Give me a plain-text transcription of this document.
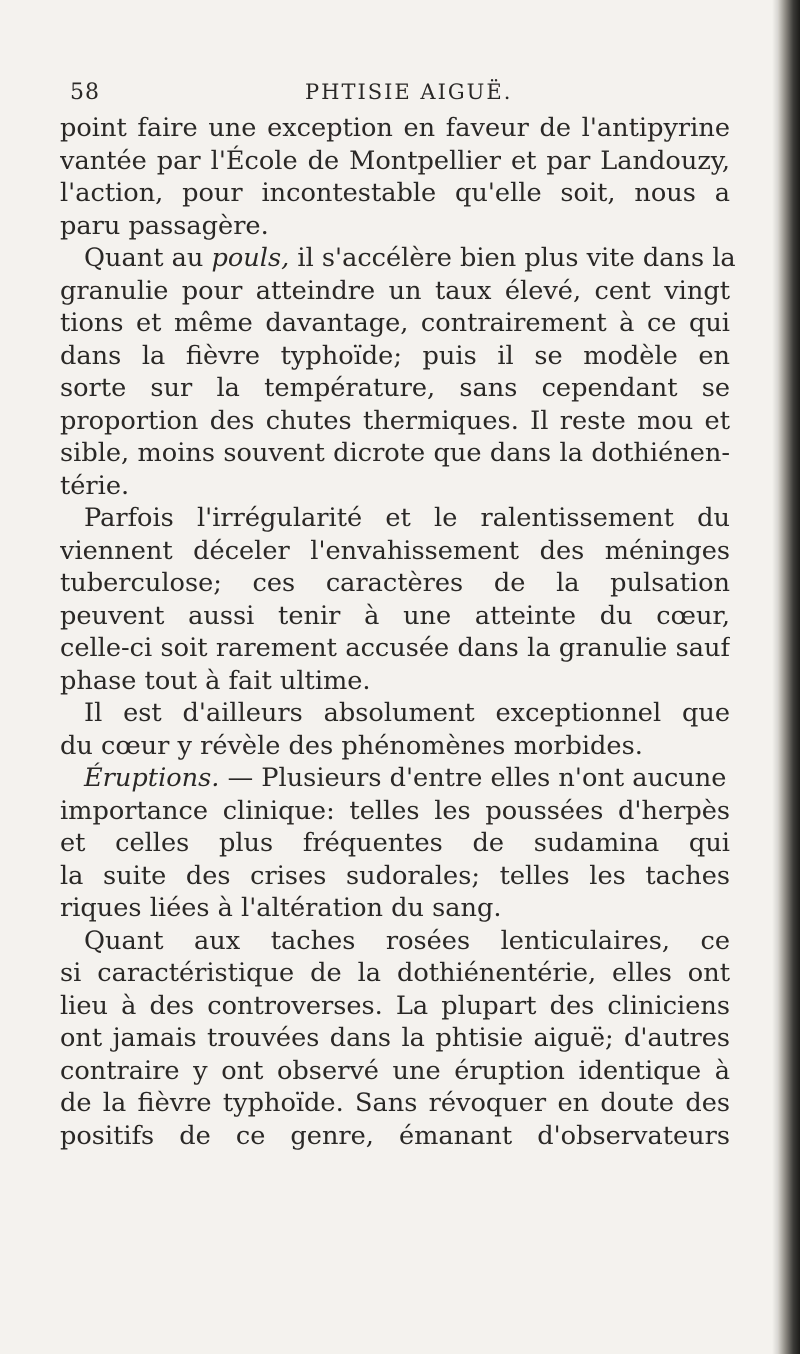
58	PHTISIE AIGUË.
point faire une exception en faveur de l'antipyrine
vantée par l'École de Montpellier et par Landouzy,
l'action, pour incontestable qu'elle soit, nous a
paru passagère.
Quant au pouls, il s'accélère bien plus vite dans la
granulie pour atteindre un taux élevé, cent vingt
tions et même davantage, contrairement à ce qui
dans la fièvre typhoïde; puis il se modèle en
sorte sur la température, sans cependant se
proportion des chutes thermiques. Il reste mou et
sible, moins souvent dicrote que dans la dothiénen-
térie.
Parfois l'irrégularité et le ralentissement du
viennent déceler l'envahissement des méninges
tuberculose; ces caractères de la pulsation
peuvent aussi tenir à une atteinte du cœur,
celle-ci soit rarement accusée dans la granulie sauf
phase tout à fait ultime.
Il est d'ailleurs absolument exceptionnel que
du cœur y révèle des phénomènes morbides.
Éruptions. — Plusieurs d'entre elles n'ont aucune
importance clinique: telles les poussées d'herpès
et celles plus fréquentes de sudamina qui
la suite des crises sudorales; telles les taches
riques liées à l'altération du sang.
Quant aux taches rosées lenticulaires, ce
si caractéristique de la dothiénentérie, elles ont
lieu à des controverses. La plupart des cliniciens
ont jamais trouvées dans la phtisie aiguë; d'autres
contraire y ont observé une éruption identique à
de la fièvre typhoïde. Sans révoquer en doute des
positifs de ce genre, émanant d'observateurs
